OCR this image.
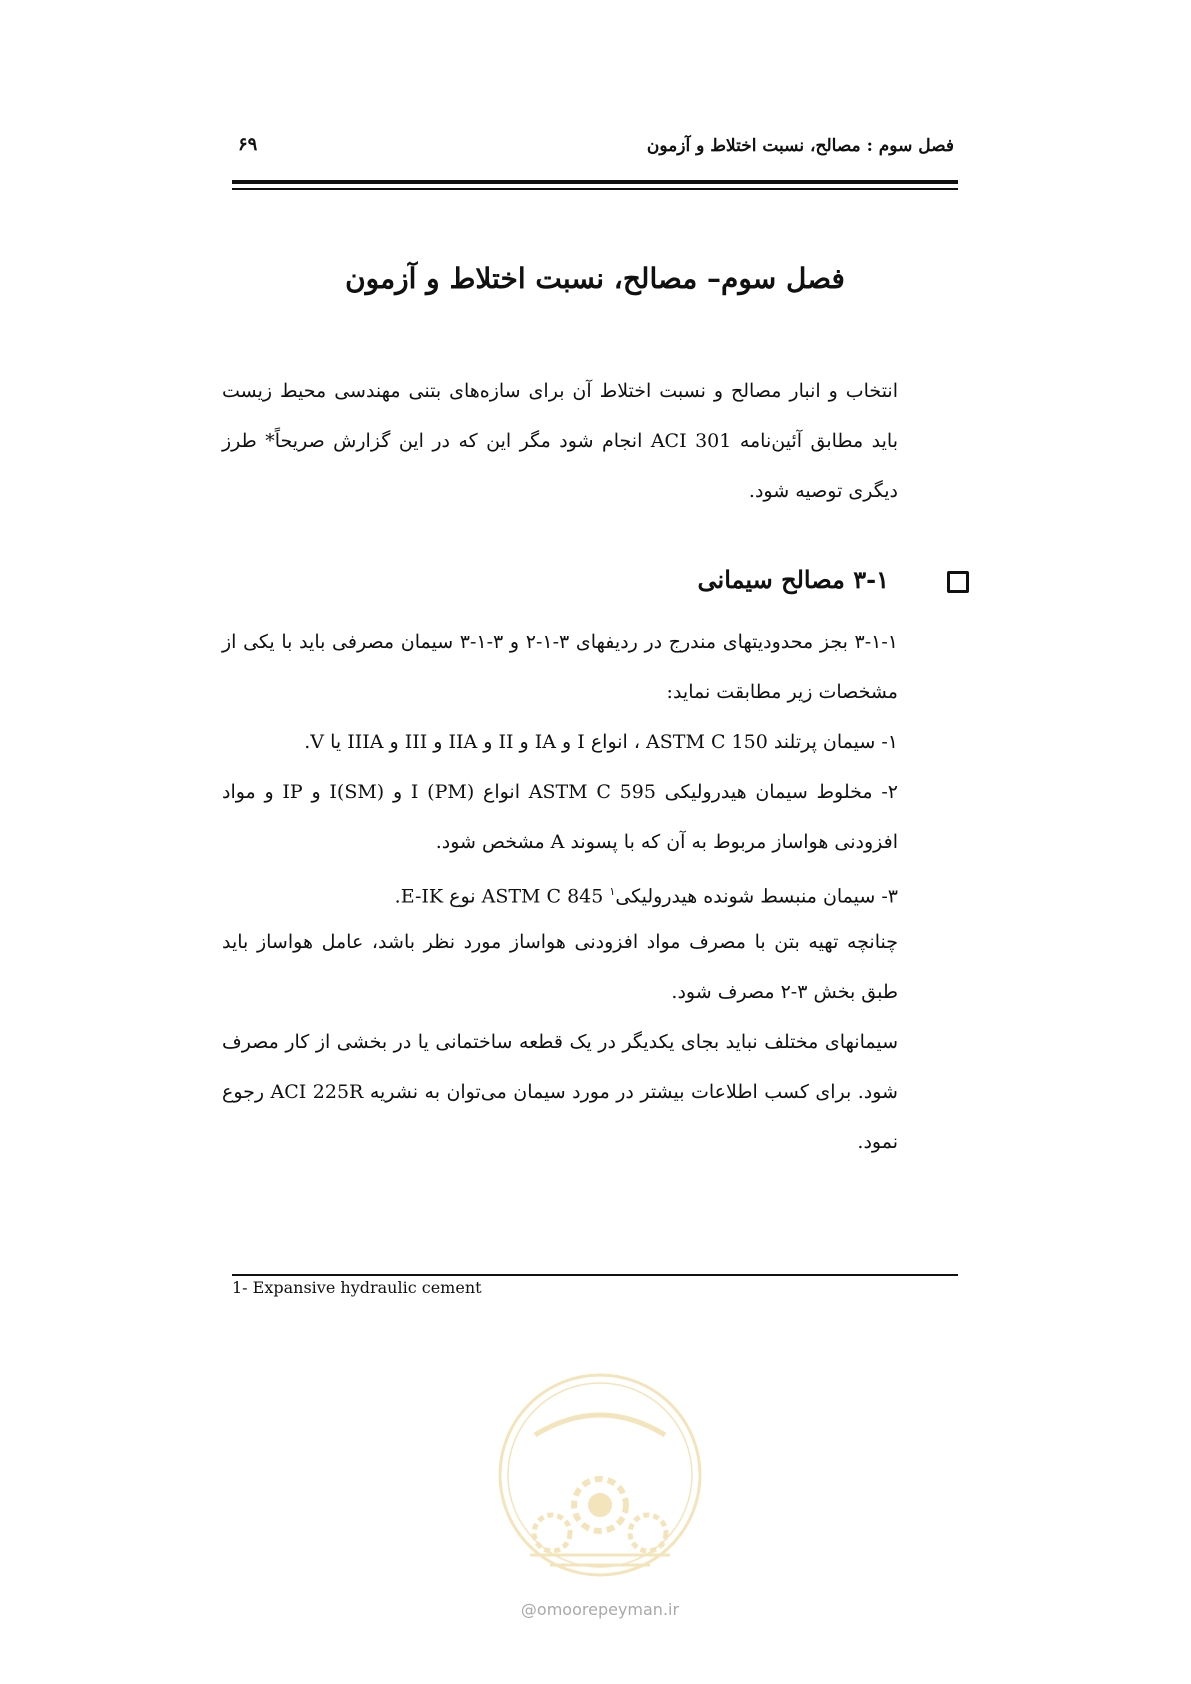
۶۹	فصل سوم : مصالح، نسبت اختلاط و آزمون
فصل سوم– مصالح، نسبت اختلاط و آزمون
انتخاب و انبار مصالح و نسبت اختلاط آن برای سازه‌های بتنی مهندسی محیط زیست باید مطابق آئین‌نامه ACI 301 انجام شود مگر این که در این گزارش صریحاً* طرز دیگری توصیه شود.
۳-۱ مصالح سیمانی
۳-۱-۱ بجز محدودیتهای مندرج در ردیفهای ۳-۱-۲ و ۳-۱-۳ سیمان مصرفی باید با یکی از مشخصات زیر مطابقت نماید:
۱- سیمان پرتلند ASTM C 150 ، انواع I و IA و II و IIA و III و IIIA یا V.
۲- مخلوط سیمان هیدرولیکی ASTM C 595 انواع I (PM) و I(SM) و IP و مواد افزودنی هواساز مربوط به آن که با پسوند A مشخص شود.
۳- سیمان منبسط شونده هیدرولیکی$^۱$ ASTM C 845 نوع E-IK.
چنانچه تهیه بتن با مصرف مواد افزودنی هواساز مورد نظر باشد، عامل هواساز باید طبق بخش ۳-۲ مصرف شود.
سیمانهای مختلف نباید بجای یکدیگر در یک قطعه ساختمانی یا در بخشی از کار مصرف شود. برای کسب اطلاعات بیشتر در مورد سیمان می‌توان به نشریه ACI 225R رجوع نمود.
1- Expansive hydraulic cement
@omoorepeyman.ir
